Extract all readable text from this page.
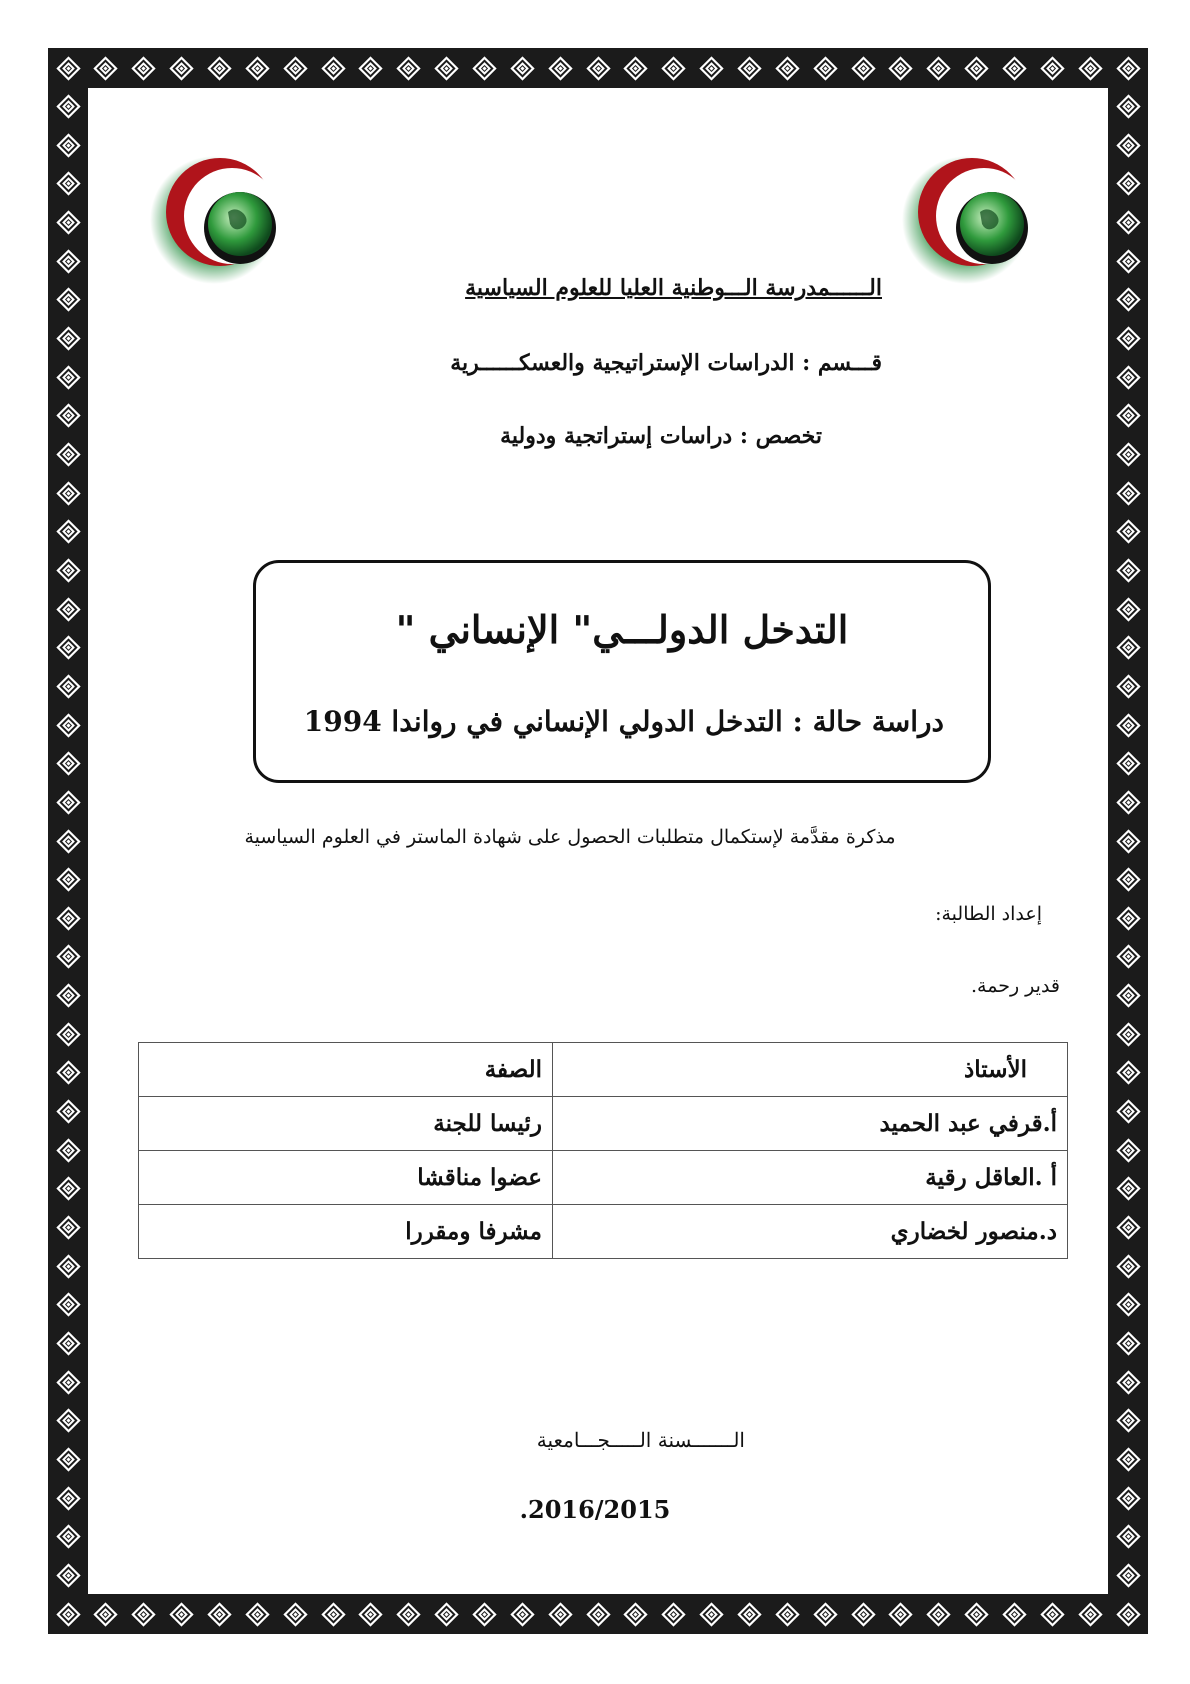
الــــــمدرسة الـــوطنية العليا للعلوم السياسية
قـــسم : الدراسات الإستراتيجية والعسكــــــرية
تخصص : دراسات إستراتجية ودولية
التدخل الدولـــي" الإنساني "
دراسة حالة : التدخل الدولي الإنساني في رواندا 1994
مذكرة مقدَّمة لإستكمال متطلبات الحصول على شهادة الماستر في العلوم السياسية
إعداد الطالبة:
قدير رحمة.
الأستاذ	الصفة
أ.قرفي عبد الحميد	رئيسا للجنة
أ .العاقل رقية	عضوا مناقشا
د.منصور لخضاري	مشرفا ومقررا
الـــــــسنة الـــــجـــامعية
.2016/2015
